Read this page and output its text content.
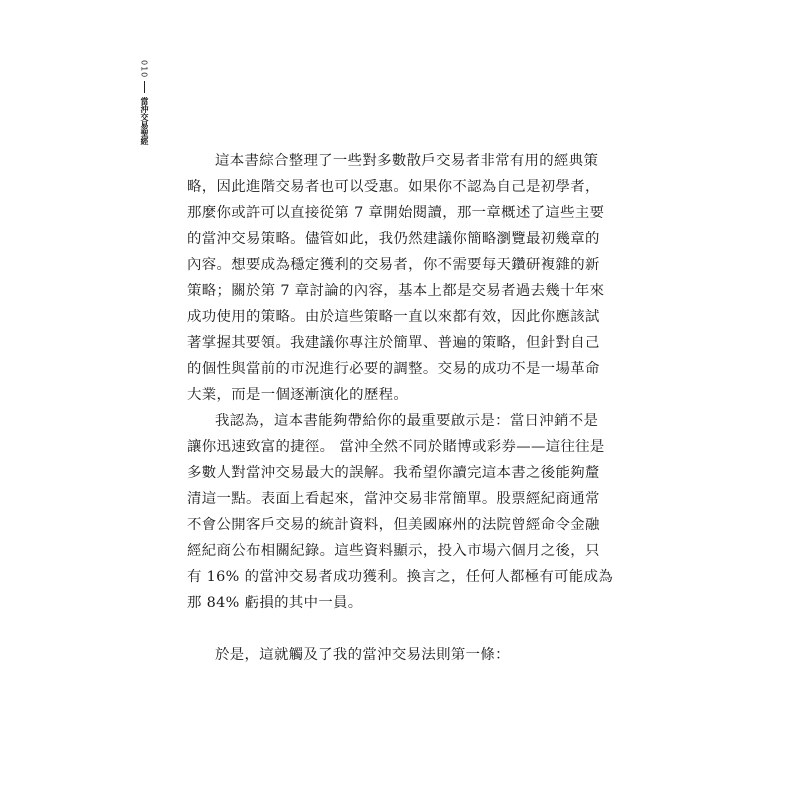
010
當沖交易聖經
這本書綜合整理了一些對多數散戶交易者非常有用的經典策
略，因此進階交易者也可以受惠。如果你不認為自己是初學者，
那麼你或許可以直接從第 7 章開始閱讀，那一章概述了這些主要
的當沖交易策略。儘管如此，我仍然建議你簡略瀏覽最初幾章的
內容。想要成為穩定獲利的交易者，你不需要每天鑽研複雜的新
策略；關於第 7 章討論的內容，基本上都是交易者過去幾十年來
成功使用的策略。由於這些策略一直以來都有效，因此你應該試
著掌握其要領。我建議你專注於簡單、普遍的策略，但針對自己
的個性與當前的市況進行必要的調整。交易的成功不是一場革命
大業，而是一個逐漸演化的歷程。
我認為，這本書能夠帶給你的最重要啟示是：當日沖銷不是
讓你迅速致富的捷徑。 當沖全然不同於賭博或彩券——這往往是
多數人對當沖交易最大的誤解。我希望你讀完這本書之後能夠釐
清這一點。表面上看起來，當沖交易非常簡單。股票經紀商通常
不會公開客戶交易的統計資料，但美國麻州的法院曾經命令金融
經紀商公布相關紀錄。這些資料顯示，投入市場六個月之後，只
有 16% 的當沖交易者成功獲利。換言之，任何人都極有可能成為
那 84% 虧損的其中一員。
於是，這就觸及了我的當沖交易法則第一條：
